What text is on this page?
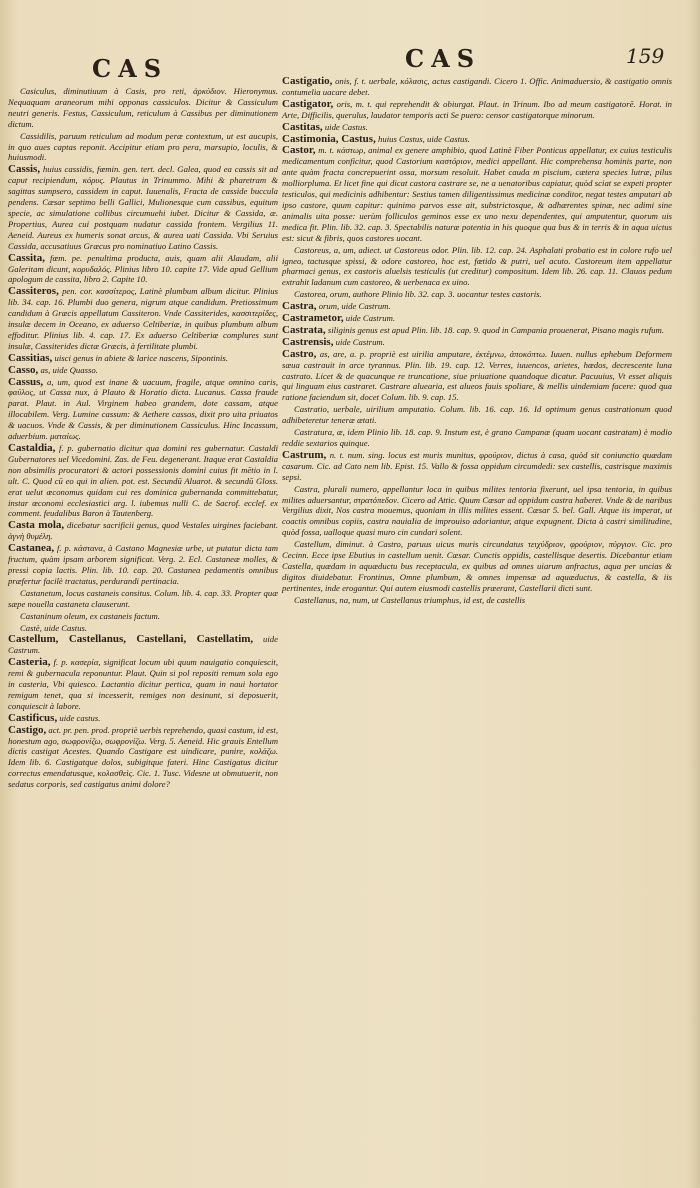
CAS	CAS	159
Casiculus, diminutiuum à Casis, pro reti, ἀρκύδιον. Hieronymus. Nequaquam araneorum mihi opponas cassiculos. Dicitur & Cassiculum neutri generis. Festus, Cassiculum, reticulum à Cassibus per diminutionem dictum.
Cassidilis, paruum reticulum ad modum peræ contextum, ut est aucupis, in quo aues captas reponit. Accipitur etiam pro pera, marsupio, loculis, & huiusmodi.
Cassis, huius cassidis, fœmin. gen. tert. decl. Galea, quod ea cassis sit ad caput recipiendum, κόρυς. Plautus in Trinummo. Mihi & pharetram & sagittas sumpsero, cassidem in caput. Iuuenalis, Fracta de casside buccula pendens. Cæsar septimo belli Gallici, Mulionesque cum cassibus, equitum specie, ac simulatione collibus circumuehi iubet. Dicitur & Cassida, æ. Propertius, Aurea cui postquam nudatur cassida frontem. Vergilius 11. Aeneid. Aureus ex humeris sonat arcus, & aurea uati Cassida. Vbi Seruius Cassida, accusatiuus Græcus pro nominatiuo Latino Cassis.
Cassita, fœm. pe. penultima producta, auis, quam alii Alaudam, alii Galeritam dicunt, κορυδαλός. Plinius libro 10. capite 17. Vide apud Gellium apologum de cassita, libro 2. Capite 10.
Cassiteros, pen. cor. κασσίτερος, Latinè plumbum album dicitur. Plinius lib. 34. cap. 16. Plumbi duo genera, nigrum atque candidum. Pretiossimum candidum à Græcis appellatum Cassiteron. Vnde Cassiterides, κασσιτερίδες, insulæ decem in Oceano, ex aduerso Celtiberiæ, in quibus plumbum album effoditur. Plinius lib. 4. cap. 17. Ex aduerso Celtiberiæ complures sunt insulæ, Cassiterides dictæ Græcis, à fertilitate plumbi.
Cassitias, uisci genus in abiete & larice nascens, Sipontinis.
Casso, as, uide Quasso.
Cassus, a, um, quod est inane & uacuum, fragile, atque omnino caris, φαῦλος, ut Cassa nux, à Plauto & Horatio dicta. Lucanus. Cassa fraude parat. Plaut. in Aul. Virginem habeo grandem, dote cassam, atque illocabilem. Verg. Lumine cassum: & Aethere cassos, dixit pro uita priuatos & uacuos. Vnde & Cassis, & per diminutionem Cassiculus. Hinc Incassum, aduerbium. ματαίως.
Castaldia, f. p. gubernatio dicitur qua domini res gubernatur. Castaldi Gubernatores uel Vicedomini. Zas. de Feu. degenerant. Itaque erat Castaldia non absimilis procuratori & actori possessionis domini cuius fit mētio in l. ult. C. Quod cū eo qui in alien. pot. est. Secundū Aluarot. & secundū Gloss. erat uelut œconomus quidam cui res dominica gubernanda committebatur, instar œconomi ecclesiastici arg. l. iubemus nulli C. de Sacrof. ecclef. ex comment. feudalibus Baron à Tautenberg.
Casta mola, dicebatur sacrificii genus, quod Vestales uirgines faciebant. ἁγνὴ θυμέλη.
Castanea, f. p. κάστανα, à Castano Magnesiæ urbe, ut putatur dicta tam fructum, quàm ipsam arborem significat. Verg. 2. Ecl. Castaneæ molles, & pressi copia lactis. Plin. lib. 10. cap. 20. Castanea pedamentis omnibus præfertur facilè tractatus, perdurandi pertinacia.
Castanetum, locus castaneis consitus. Colum. lib. 4. cap. 33. Propter quæ sæpe nouella castaneta clauserunt.
Castaninum oleum, ex castaneis factum.
Castè, uide Castus.
Castellum, Castellanus, Castellani, Castellatim, uide Castrum.
Casteria, f. p. κασερία, significat locum ubi quum nauigatio conquiescit, remi & gubernacula reponuntur. Plaut. Quin si pol repositi remum sola ego in casteria, Vbi quiesco. Lactantio dicitur pertica, quam in naui hortator remigum tenet, qua si incesserit, remiges non desinunt, si deposuerit, conquiescit à labore.
Castificus, uide castus.
Castigo, act. pr. pen. prod. propriè uerbis reprehendo, quasi castum, id est, honestum ago, σωφρονίζω, σωφρονίζω. Verg. 5. Aeneid. Hic grauis Entellum dictis castigat Acestes. Quando Castigare est uindicare, punire, κολάζω. Idem lib. 6. Castigatque dolos, subigitque fateri. Hinc Castigatus dicitur correctus emendatusque, κολασθεὶς. Cic. 1. Tusc. Videsne ut obmutuerit, non sedatus corporis, sed castigatus animi dolore?
Castigatio, onis, f. t. uerbale, κόλασις, actus castigandi. Cicero 1. Offic. Animaduersio, & castigatio omnis contumelia uacare debet.
Castigator, oris, m. t. qui reprehendit & obiurgat. Plaut. in Trinum. Ibo ad meum castigatorē. Horat. in Arte, Difficilis, querulus, laudator temporis acti Se puero: censor castigatorque minorum.
Castitas, uide Castus.
Castimonia, Castus, huius Castus, uide Castus.
Castor, m. t. κάστωρ, animal ex genere amphibio, quod Latinè Fiber Ponticus appellatur, ex cuius testiculis medicamentum conficitur, quod Castorium καστόριον, medici appellant. Hic comprehensa hominis parte, non ante quàm fracta concrepuerint ossa, morsum resoluit. Habet cauda m piscium, cætera species lutræ, pilus molliorpluma. Et licet fine qui dicat castora castrare se, ne a uenatoribus capiatur, quòd sciat se expeti propter testiculos, qui medicinis adhibentur: Sestius tamen diligentissimus medicinæ conditor, negat testes amputari ab ipso castore, quum capitur: quinimo parvos esse ait, substrictosque, & adhærentes spinæ, nec adimi sine animalis uita posse: uerùm folliculos geminos esse ex uno nexu dependentes, qui amputentur, quorum uis medica fit. Plin. lib. 32. cap. 3. Spectabilis naturæ potentia in his quoque qua bus & in terris & in aqua uictus est: sicut & fibris, quos castores uocant.
Castoreus, a, um, adiect. ut Castoreus odor. Plin. lib. 12. cap. 24. Asphalati probatio est in colore rufo uel igneo, tactusque spissi, & odore castoreo, hoc est, fœtido & putri, uel acuto. Castoreum item appellatur pharmaci genus, ex castoris aluelsis testiculis (ut creditur) compositum. Idem lib. 26. cap. 11. Clauos pedum extrahit ladanum cum castoreo, & uerbenaca ex uino.
Castorea, orum, authore Plinio lib. 32. cap. 3. uocantur testes castoris.
Castra, orum, uide Castrum.
Castrametor, uide Castrum.
Castrata, siliginis genus est apud Plin. lib. 18. cap. 9. quod in Campania prouenerat, Pisano magis rufum.
Castrensis, uide Castrum.
Castro, as, are, a. p. propriè est uirilia amputare, ἐκτέμνω, ἀποκόπτω. Iuuen. nullus ephebum Deformem sæua castrauit in arce tyrannus. Plin. lib. 19. cap. 12. Verres, iuuencos, arietes, hœdos, decrescente luna castrato. Licet & de quacunque re truncatione, siue priuatione quandoque dicatur. Pacuuius, Vt esset aliquis qui linguam eius castraret. Castrare aluearia, est alueos fauis spoliare, & mellis uindemiam facere: quod qua ratione faciendum sit, docet Colum. lib. 9. cap. 15.
Castratio, uerbale, uirilium amputatio. Colum. lib. 16. cap. 16. Id optimum genus castrationum quod adhibeteretur teneræ ætati.
Castratura, æ, idem Plinio lib. 18. cap. 9. Instum est, è grano Campanæ (quam uocant castratam) è modio reddie sextarios quinque.
Castrum, n. t. num. sing. locus est muris munitus, φρούριον, dictus à casa, quòd sit coniunctio quædam casarum. Cic. ad Cato nem lib. Epist. 15. Vallo & fossa oppidum circumdedi: sex castellis, castrisque maximis sepsi.
Castra, plurali numero, appellantur loca in quibus milites tentoria fixerunt, uel ipsa tentoria, in quibus milites aduersantur, στρατόπεδον. Cicero ad Attic. Quum Cæsar ad oppidum castra haberet. Vnde & de naribus Vergilius dixit, Nos castra mouemus, quoniam in illis milites essent. Cæsar 5. bel. Gall. Atque iis imperat, ut coactis omnibus copiis, castra nauiaIia de improuiso adoriantur, atque expugnent. Dicta à castri similitudine, quòd fossa, ualloque quasi muro cin cundari solent.
Castellum, diminut. à Castro, paruus uicus muris circundatus τειχύδριον, φρούριον, πύργιον. Cic. pro Cecinn. Ecce ipse Ebutius in castellum uenit. Cæsar. Cunctis oppidis, castellisque desertis. Dicebantur etiam Castella, quædam in aquæductu bus receptacula, ex quibus ad omnes uiarum anfractus, aqua per uncias & digitos diuidebatur. Frontinus, Omne plumbum, & omnes impensæ ad aquæductus, & castella, & iis pertinentes, inde erogantur. Qui autem eiusmodi castellis præerant, Castellarii dicti sunt.
Castellanus, na, num, ut Castellanus triumphus, id est, de castellis
